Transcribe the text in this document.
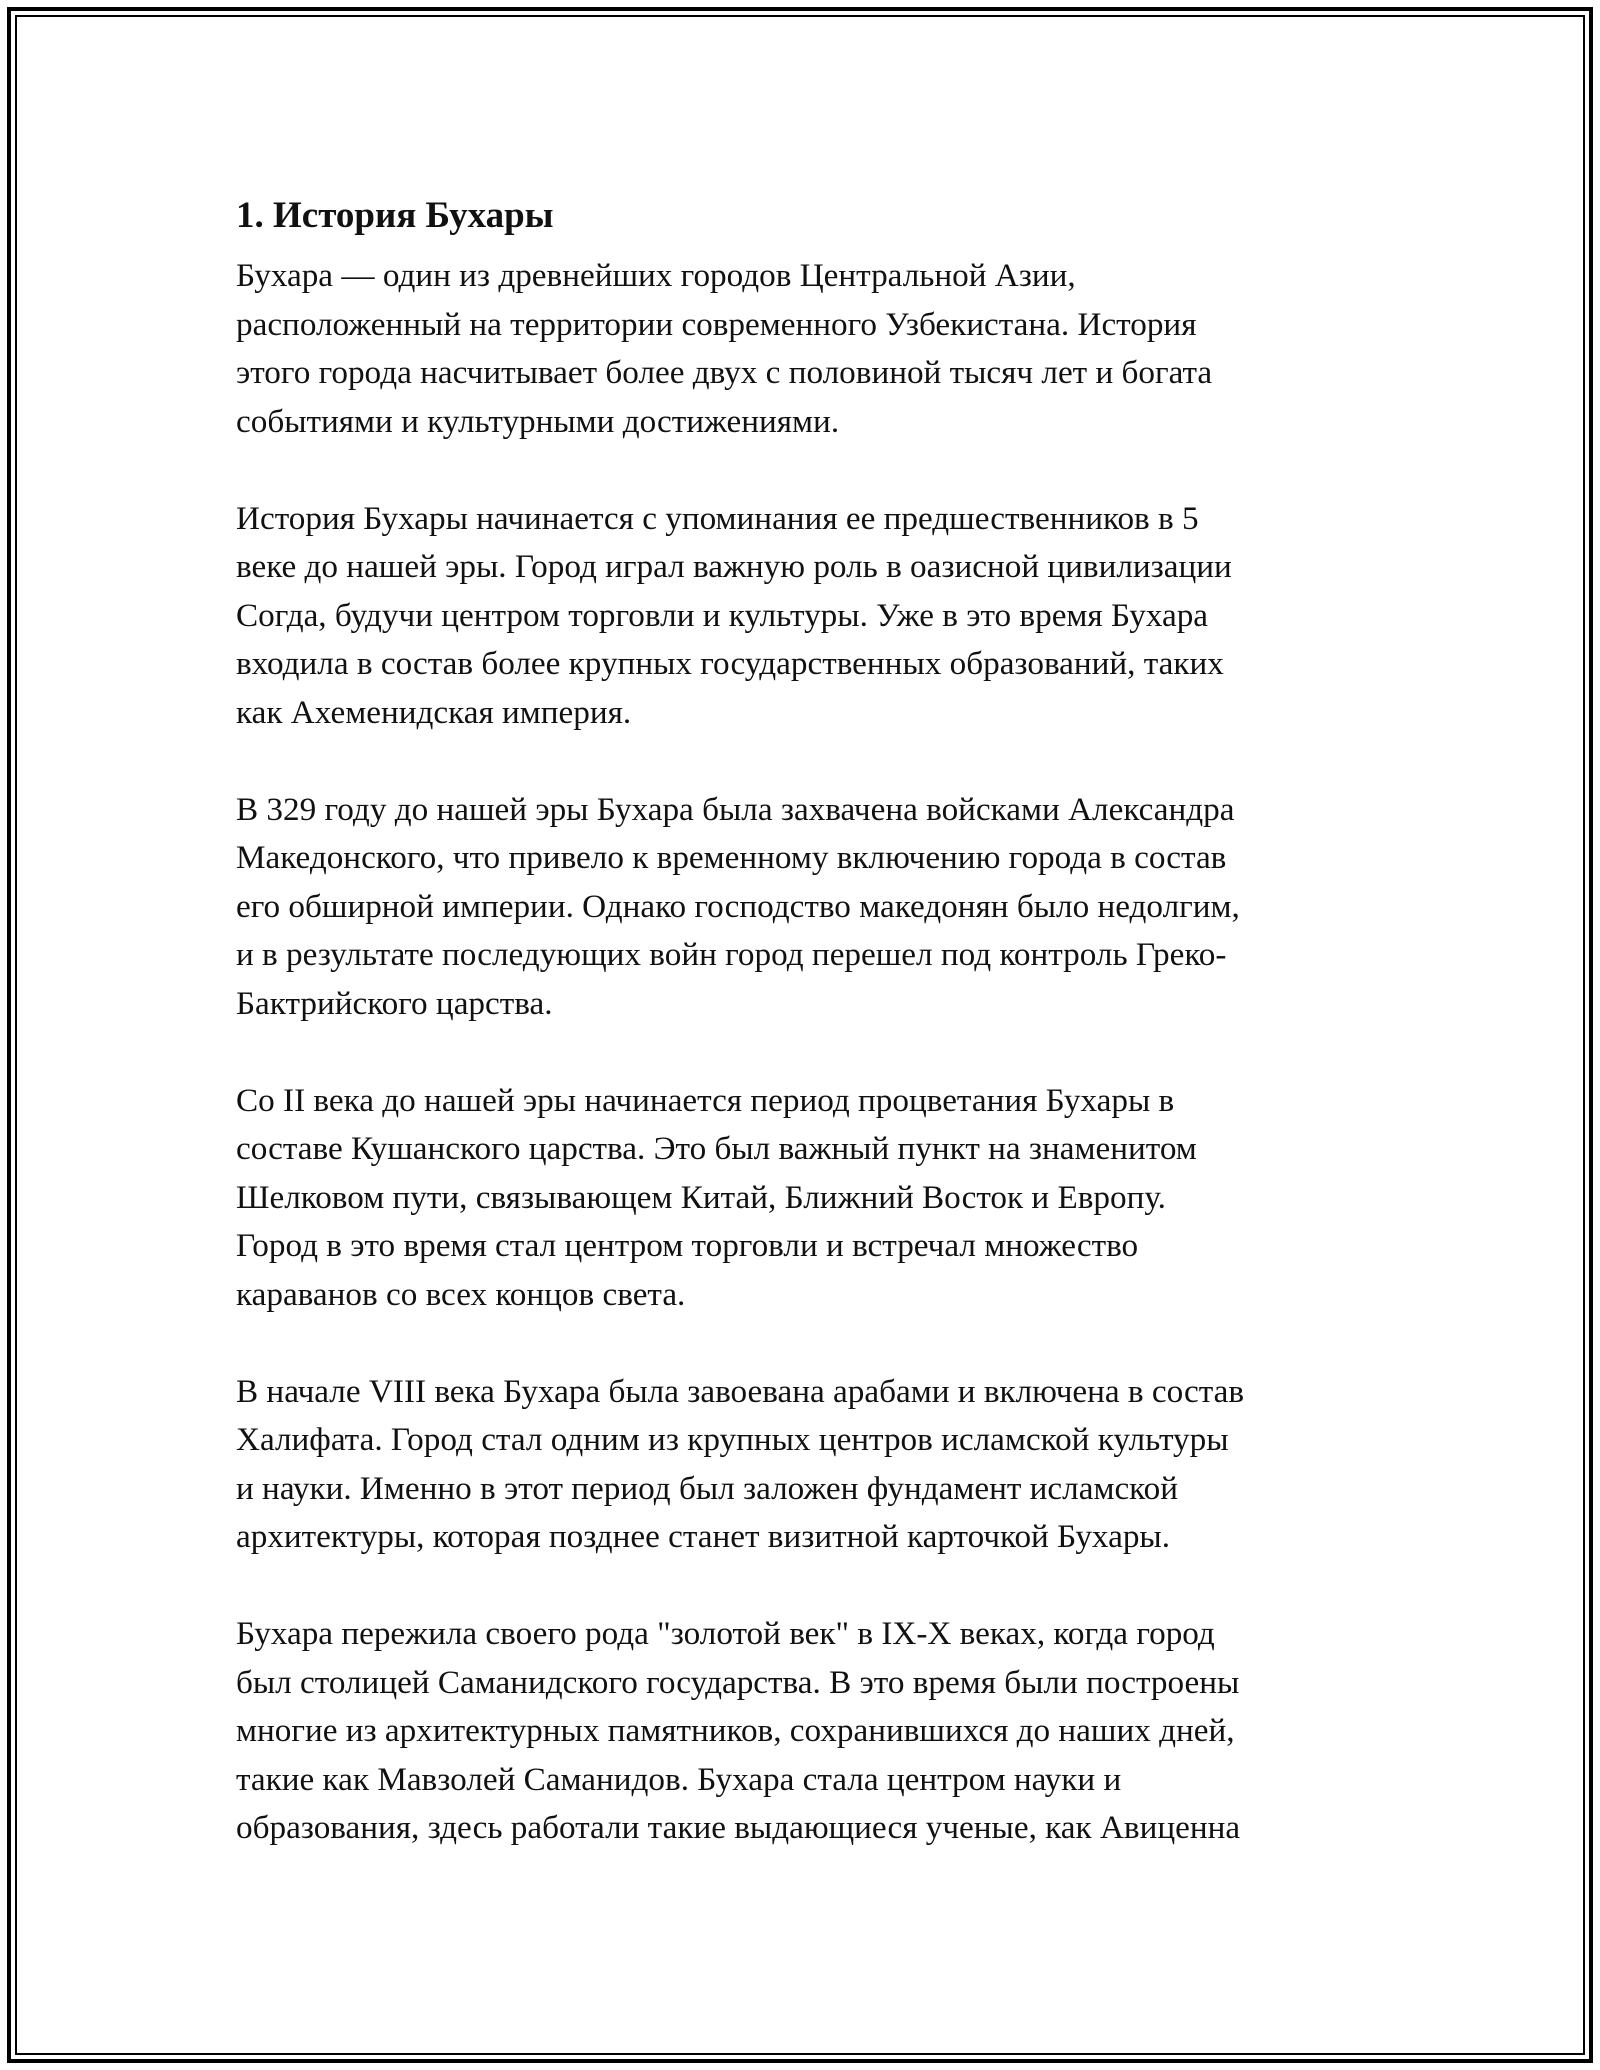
1. История Бухары

Бухара — один из древнейших городов Центральной Азии,
расположенный на территории современного Узбекистана. История
этого города насчитывает более двух с половиной тысяч лет и богата
событиями и культурными достижениями.

История Бухары начинается с упоминания ее предшественников в 5
веке до нашей эры. Город играл важную роль в оазисной цивилизации
Согда, будучи центром торговли и культуры. Уже в это время Бухара
входила в состав более крупных государственных образований, таких
как Ахеменидская империя.

В 329 году до нашей эры Бухара была захвачена войсками Александра
Македонского, что привело к временному включению города в состав
его обширной империи. Однако господство македонян было недолгим,
и в результате последующих войн город перешел под контроль Греко-
Бактрийского царства.

Со II века до нашей эры начинается период процветания Бухары в
составе Кушанского царства. Это был важный пункт на знаменитом
Шелковом пути, связывающем Китай, Ближний Восток и Европу.
Город в это время стал центром торговли и встречал множество
караванов со всех концов света.

В начале VIII века Бухара была завоевана арабами и включена в состав
Халифата. Город стал одним из крупных центров исламской культуры
и науки. Именно в этот период был заложен фундамент исламской
архитектуры, которая позднее станет визитной карточкой Бухары.

Бухара пережила своего рода "золотой век" в IX-X веках, когда город
был столицей Саманидского государства. В это время были построены
многие из архитектурных памятников, сохранившихся до наших дней,
такие как Мавзолей Саманидов. Бухара стала центром науки и
образования, здесь работали такие выдающиеся ученые, как Авиценна
